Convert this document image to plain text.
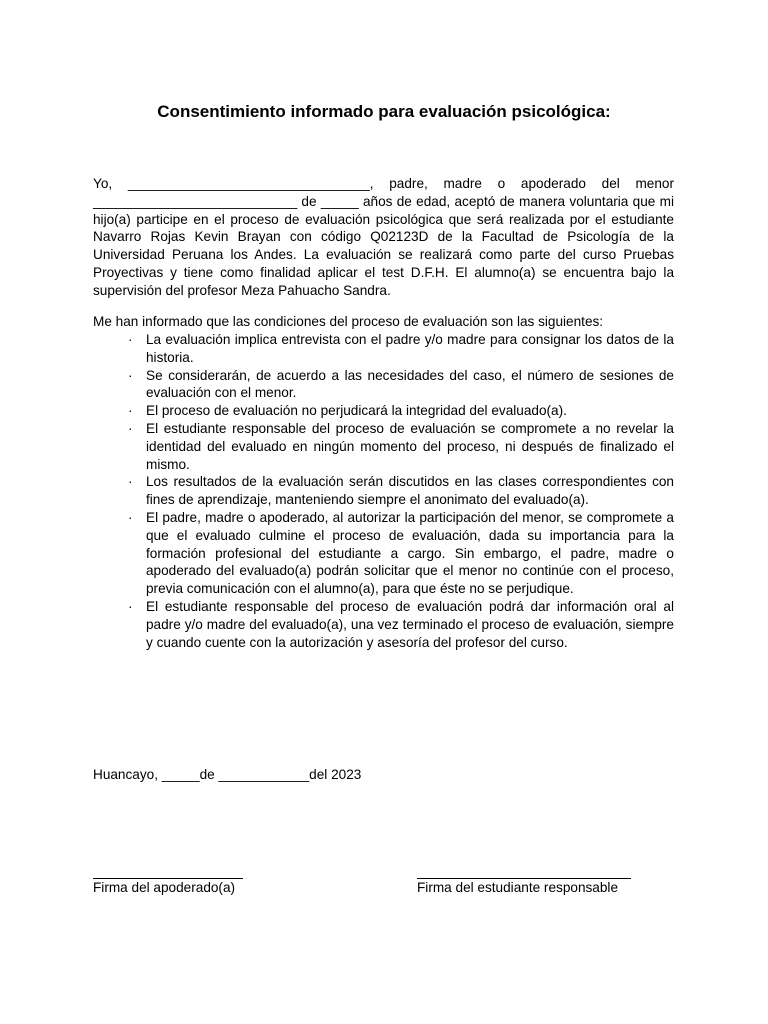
Consentimiento informado para evaluación psicológica:

Yo, ________________________________, padre, madre o apoderado del menor ___________________________ de _____ años de edad, aceptó de manera voluntaria que mi hijo(a) participe en el proceso de evaluación psicológica que será realizada por el estudiante Navarro Rojas Kevin Brayan con código Q02123D de la Facultad de Psicología de la Universidad Peruana los Andes. La evaluación se realizará como parte del curso Pruebas Proyectivas y tiene como finalidad aplicar el test D.F.H. El alumno(a) se encuentra bajo la supervisión del profesor Meza Pahuacho Sandra.

Me han informado que las condiciones del proceso de evaluación son las siguientes:

· La evaluación implica entrevista con el padre y/o madre para consignar los datos de la historia.
· Se considerarán, de acuerdo a las necesidades del caso, el número de sesiones de evaluación con el menor.
· El proceso de evaluación no perjudicará la integridad del evaluado(a).
· El estudiante responsable del proceso de evaluación se compromete a no revelar la identidad del evaluado en ningún momento del proceso, ni después de finalizado el mismo.
· Los resultados de la evaluación serán discutidos en las clases correspondientes con fines de aprendizaje, manteniendo siempre el anonimato del evaluado(a).
· El padre, madre o apoderado, al autorizar la participación del menor, se compromete a que el evaluado culmine el proceso de evaluación, dada su importancia para la formación profesional del estudiante a cargo. Sin embargo, el padre, madre o apoderado del evaluado(a) podrán solicitar que el menor no continúe con el proceso, previa comunicación con el alumno(a), para que éste no se perjudique.
· El estudiante responsable del proceso de evaluación podrá dar información oral al padre y/o madre del evaluado(a), una vez terminado el proceso de evaluación, siempre y cuando cuente con la autorización y asesoría del profesor del curso.

Huancayo, _____de ____________del 2023

Firma del apoderado(a)	Firma del estudiante responsable
